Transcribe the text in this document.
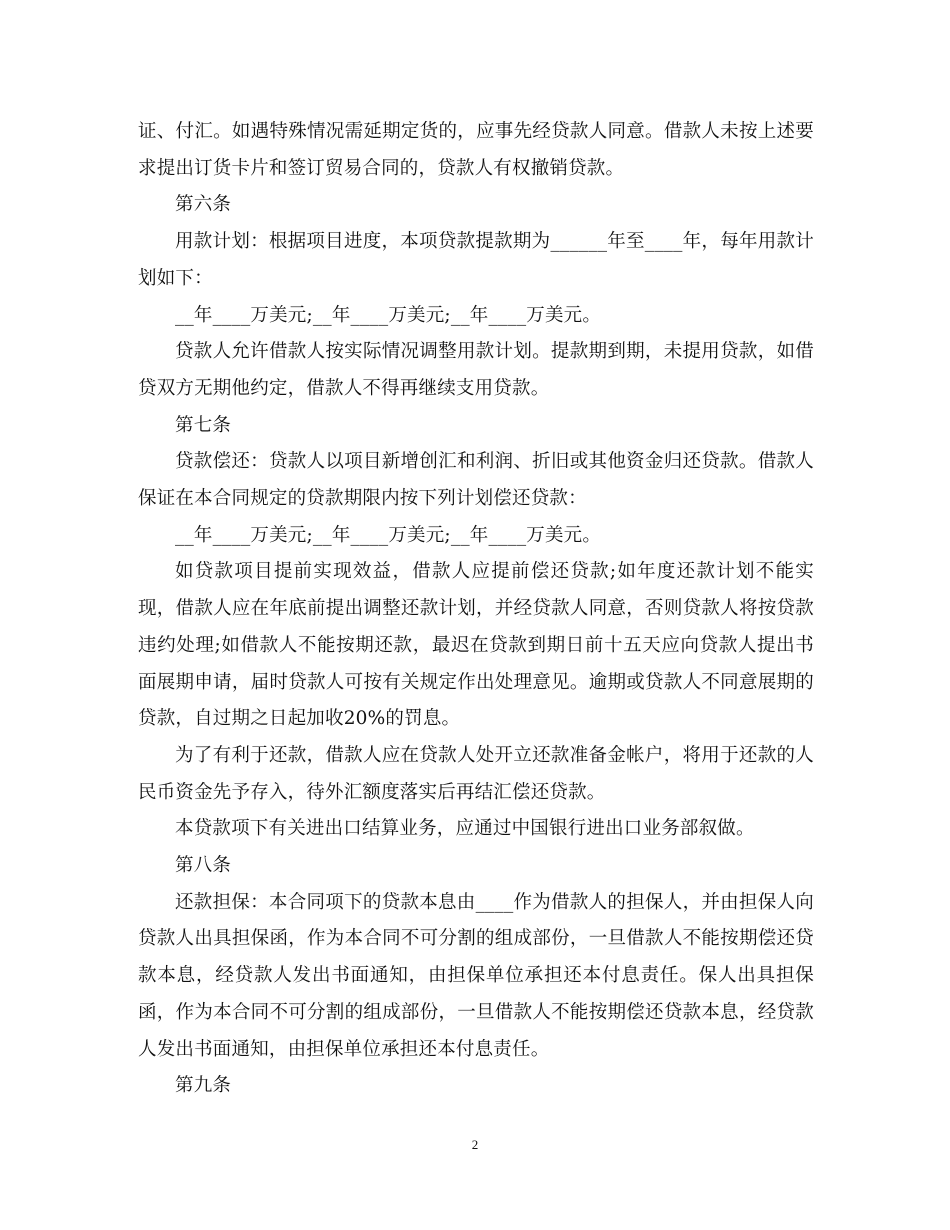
证、付汇。如遇特殊情况需延期定货的，应事先经贷款人同意。借款人未按上述要求提出订货卡片和签订贸易合同的，贷款人有权撤销贷款。

第六条

用款计划：根据项目进度，本项贷款提款期为______年至____年，每年用款计划如下：

__年____万美元;__年____万美元;__年____万美元。

贷款人允许借款人按实际情况调整用款计划。提款期到期，未提用贷款，如借贷双方无期他约定，借款人不得再继续支用贷款。

第七条

贷款偿还：贷款人以项目新增创汇和利润、折旧或其他资金归还贷款。借款人保证在本合同规定的贷款期限内按下列计划偿还贷款：

__年____万美元;__年____万美元;__年____万美元。

如贷款项目提前实现效益，借款人应提前偿还贷款;如年度还款计划不能实现，借款人应在年底前提出调整还款计划，并经贷款人同意，否则贷款人将按贷款违约处理;如借款人不能按期还款，最迟在贷款到期日前十五天应向贷款人提出书面展期申请，届时贷款人可按有关规定作出处理意见。逾期或贷款人不同意展期的贷款，自过期之日起加收20%的罚息。

为了有利于还款，借款人应在贷款人处开立还款准备金帐户，将用于还款的人民币资金先予存入，待外汇额度落实后再结汇偿还贷款。

本贷款项下有关进出口结算业务，应通过中国银行进出口业务部叙做。

第八条

还款担保：本合同项下的贷款本息由____作为借款人的担保人，并由担保人向贷款人出具担保函，作为本合同不可分割的组成部份，一旦借款人不能按期偿还贷款本息，经贷款人发出书面通知，由担保单位承担还本付息责任。保人出具担保函，作为本合同不可分割的组成部份，一旦借款人不能按期偿还贷款本息，经贷款人发出书面通知，由担保单位承担还本付息责任。

第九条

2
